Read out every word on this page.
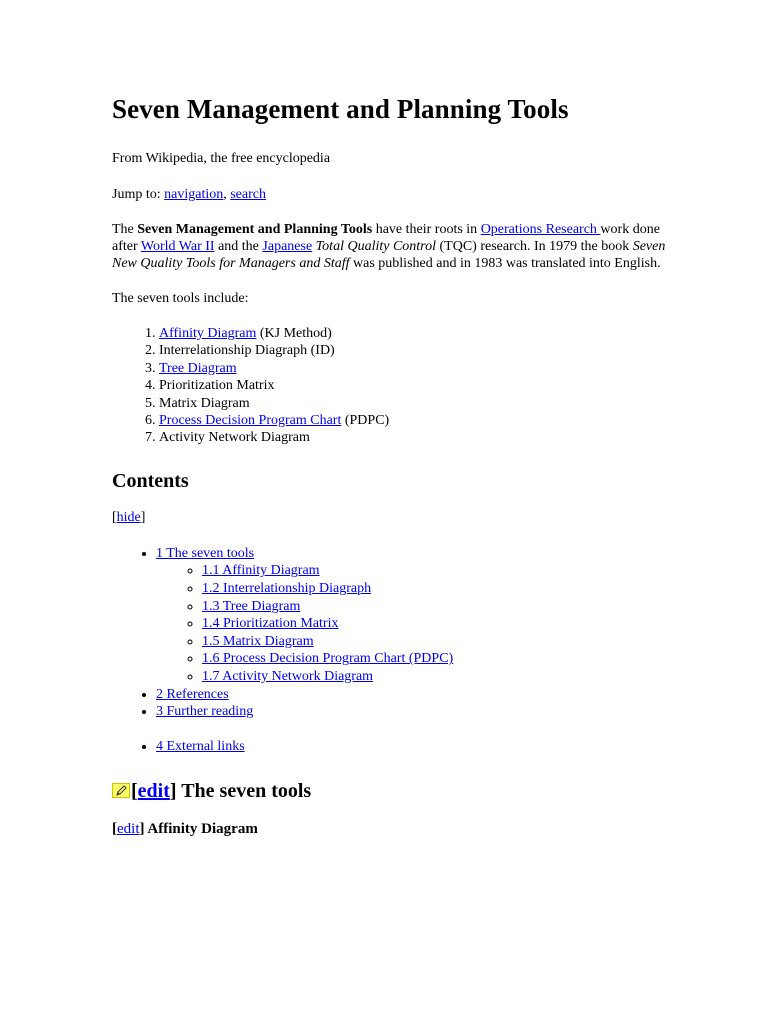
Seven Management and Planning Tools
From Wikipedia, the free encyclopedia
Jump to: navigation, search

The Seven Management and Planning Tools have their roots in Operations Research work done after World War II and the Japanese Total Quality Control (TQC) research. In 1979 the book Seven New Quality Tools for Managers and Staff was published and in 1983 was translated into English.

The seven tools include:

1. Affinity Diagram (KJ Method)
2. Interrelationship Diagraph (ID)
3. Tree Diagram
4. Prioritization Matrix
5. Matrix Diagram
6. Process Decision Program Chart (PDPC)
7. Activity Network Diagram
Contents
[hide]
• 1 The seven tools
◦ 1.1 Affinity Diagram
◦ 1.2 Interrelationship Diagraph
◦ 1.3 Tree Diagram
◦ 1.4 Prioritization Matrix
◦ 1.5 Matrix Diagram
◦ 1.6 Process Decision Program Chart (PDPC)
◦ 1.7 Activity Network Diagram
• 2 References
• 3 Further reading
• 4 External links
[ edit ] The seven tools
[edit] Affinity Diagram
